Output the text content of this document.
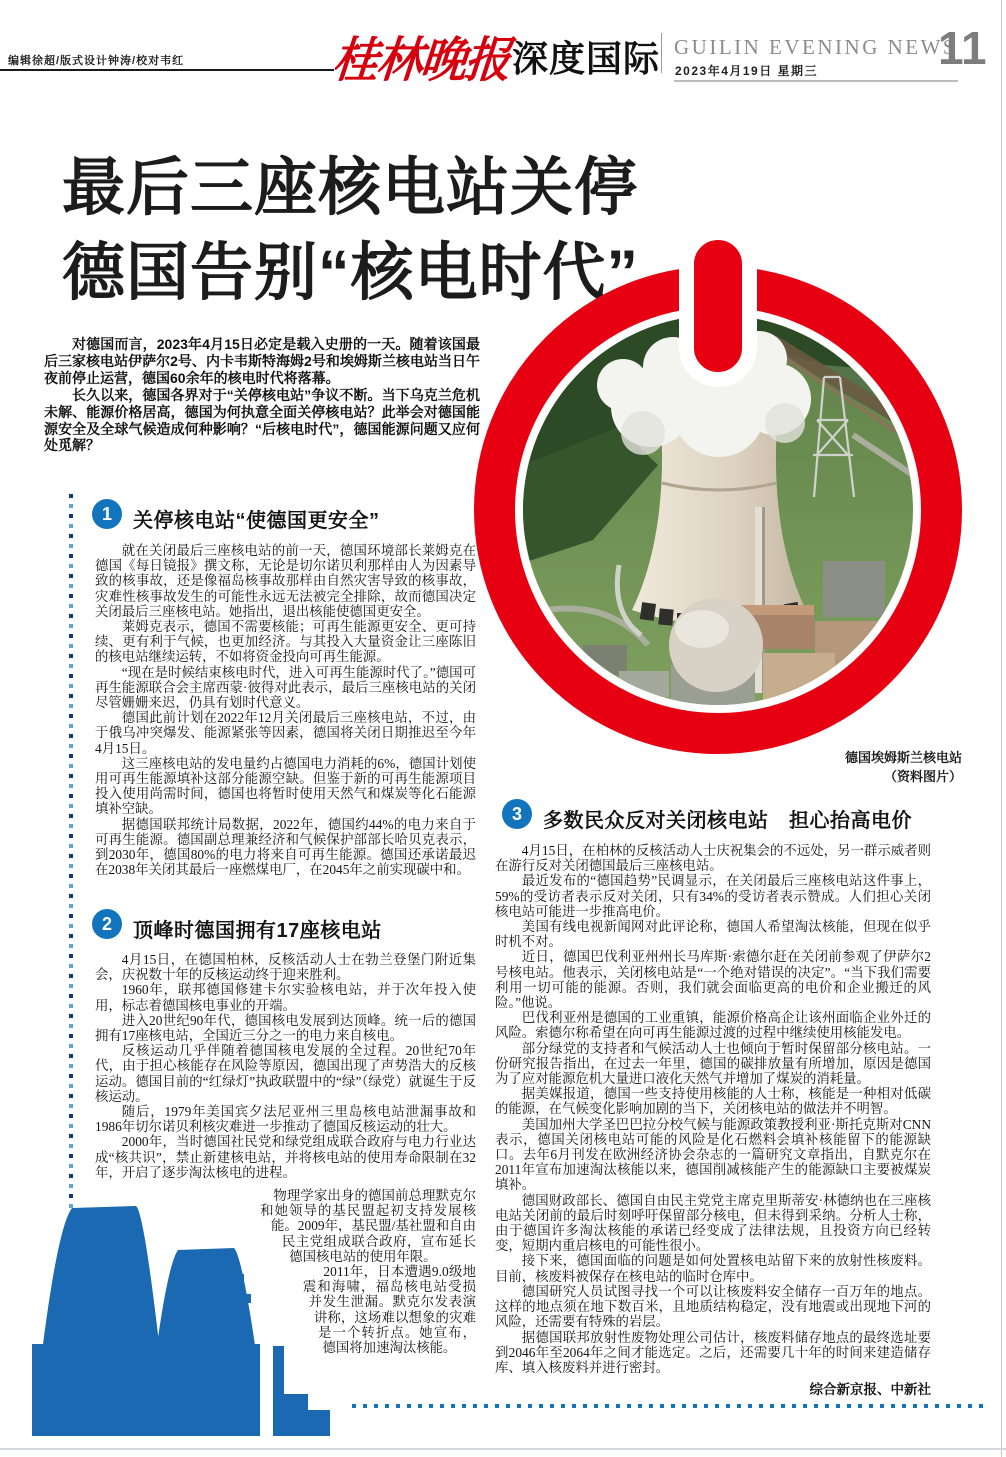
编辑徐超/版式设计钟涛/校对韦红	桂林晚报 深度国际 GUILIN EVENING NEWS
2023年4月19日 星期三	11
最后三座核电站关停
德国告别“核电时代”

对德国而言，2023年4月15日必定是载入史册的一天。随着该国最后三家核电站伊萨尔2号、内卡韦斯特海姆2号和埃姆斯兰核电站当日午夜前停止运营，德国60余年的核电时代将落幕。

长久以来，德国各界对于“关停核电站”争议不断。当下乌克兰危机未解、能源价格居高，德国为何执意全面关停核电站？此举会对德国能源安全及全球气候造成何种影响？“后核电时代”，德国能源问题又应何处觅解？

德国埃姆斯兰核电站
（资料图片）
1	关停核电站“使德国更安全”

就在关闭最后三座核电站的前一天，德国环境部长莱姆克在德国《每日镜报》撰文称，无论是切尔诺贝利那样由人为因素导致的核事故，还是像福岛核事故那样由自然灾害导致的核事故，灾难性核事故发生的可能性永远无法被完全排除，故而德国决定关闭最后三座核电站。她指出，退出核能使德国更安全。

莱姆克表示，德国不需要核能；可再生能源更安全、更可持续、更有利于气候，也更加经济。与其投入大量资金让三座陈旧的核电站继续运转，不如将资金投向可再生能源。

“现在是时候结束核电时代，进入可再生能源时代了。”德国可再生能源联合会主席西蒙·彼得对此表示，最后三座核电站的关闭尽管姗姗来迟，仍具有划时代意义。

德国此前计划在2022年12月关闭最后三座核电站，不过，由于俄乌冲突爆发、能源紧张等因素，德国将关闭日期推迟至今年4月15日。

这三座核电站的发电量约占德国电力消耗的6%，德国计划使用可再生能源填补这部分能源空缺。但鉴于新的可再生能源项目投入使用尚需时间，德国也将暂时使用天然气和煤炭等化石能源填补空缺。

据德国联邦统计局数据，2022年，德国约44%的电力来自于可再生能源。德国副总理兼经济和气候保护部部长哈贝克表示，到2030年，德国80%的电力将来自可再生能源。德国还承诺最迟在2038年关闭其最后一座燃煤电厂，在2045年之前实现碳中和。

2	顶峰时德国拥有17座核电站

4月15日，在德国柏林，反核活动人士在勃兰登堡门附近集会，庆祝数十年的反核运动终于迎来胜利。

1960年，联邦德国修建卡尔实验核电站，并于次年投入使用，标志着德国核电事业的开端。

进入20世纪90年代，德国核电发展到达顶峰。统一后的德国拥有17座核电站，全国近三分之一的电力来自核电。

反核运动几乎伴随着德国核电发展的全过程。20世纪70年代，由于担心核能存在风险等原因，德国出现了声势浩大的反核运动。德国目前的“红绿灯”执政联盟中的“绿”（绿党）就诞生于反核运动。

随后，1979年美国宾夕法尼亚州三里岛核电站泄漏事故和1986年切尔诺贝利核灾难进一步推动了德国反核运动的壮大。

2000年，当时德国社民党和绿党组成联合政府与电力行业达成“核共识”，禁止新建核电站，并将核电站的使用寿命限制在32年，开启了逐步淘汰核电的进程。

物理学家出身的德国前总理默克尔和她领导的基民盟起初支持发展核能。2009年，基民盟/基社盟和自由民主党组成联合政府，宣布延长德国核电站的使用年限。

2011年，日本遭遇9.0级地震和海啸，福岛核电站受损并发生泄漏。默克尔发表演讲称，这场难以想象的灾难是一个转折点。她宣布，德国将加速淘汰核能。

3	多数民众反对关闭核电站　担心抬高电价

4月15日，在柏林的反核活动人士庆祝集会的不远处，另一群示威者则在游行反对关闭德国最后三座核电站。

最近发布的“德国趋势”民调显示，在关闭最后三座核电站这件事上，59%的受访者表示反对关闭，只有34%的受访者表示赞成。人们担心关闭核电站可能进一步推高电价。

美国有线电视新闻网对此评论称，德国人希望淘汰核能，但现在似乎时机不对。

近日，德国巴伐利亚州州长马库斯·索德尔赶在关闭前参观了伊萨尔2号核电站。他表示，关闭核电站是“一个绝对错误的决定”。“当下我们需要利用一切可能的能源。否则，我们就会面临更高的电价和企业搬迁的风险。”他说。

巴伐利亚州是德国的工业重镇，能源价格高企让该州面临企业外迁的风险。索德尔称希望在向可再生能源过渡的过程中继续使用核能发电。

部分绿党的支持者和气候活动人士也倾向于暂时保留部分核电站。一份研究报告指出，在过去一年里，德国的碳排放量有所增加，原因是德国为了应对能源危机大量进口液化天然气并增加了煤炭的消耗量。

据美媒报道，德国一些支持使用核能的人士称，核能是一种相对低碳的能源，在气候变化影响加剧的当下，关闭核电站的做法并不明智。

美国加州大学圣巴巴拉分校气候与能源政策教授利亚·斯托克斯对CNN表示，德国关闭核电站可能的风险是化石燃料会填补核能留下的能源缺口。去年6月刊发在欧洲经济协会杂志的一篇研究文章指出，自默克尔在2011年宣布加速淘汰核能以来，德国削减核能产生的能源缺口主要被煤炭填补。

德国财政部长、德国自由民主党党主席克里斯蒂安·林德纳也在三座核电站关闭前的最后时刻呼吁保留部分核电，但未得到采纳。分析人士称，由于德国许多淘汰核能的承诺已经变成了法律法规，且投资方向已经转变，短期内重启核电的可能性很小。

接下来，德国面临的问题是如何处置核电站留下来的放射性核废料。目前，核废料被保存在核电站的临时仓库中。

德国研究人员试图寻找一个可以让核废料安全储存一百万年的地点。这样的地点须在地下数百米，且地质结构稳定，没有地震或出现地下河的风险，还需要有特殊的岩层。

据德国联邦放射性废物处理公司估计，核废料储存地点的最终选址要到2046年至2064年之间才能选定。之后，还需要几十年的时间来建造储存库、填入核废料并进行密封。

综合新京报、中新社
